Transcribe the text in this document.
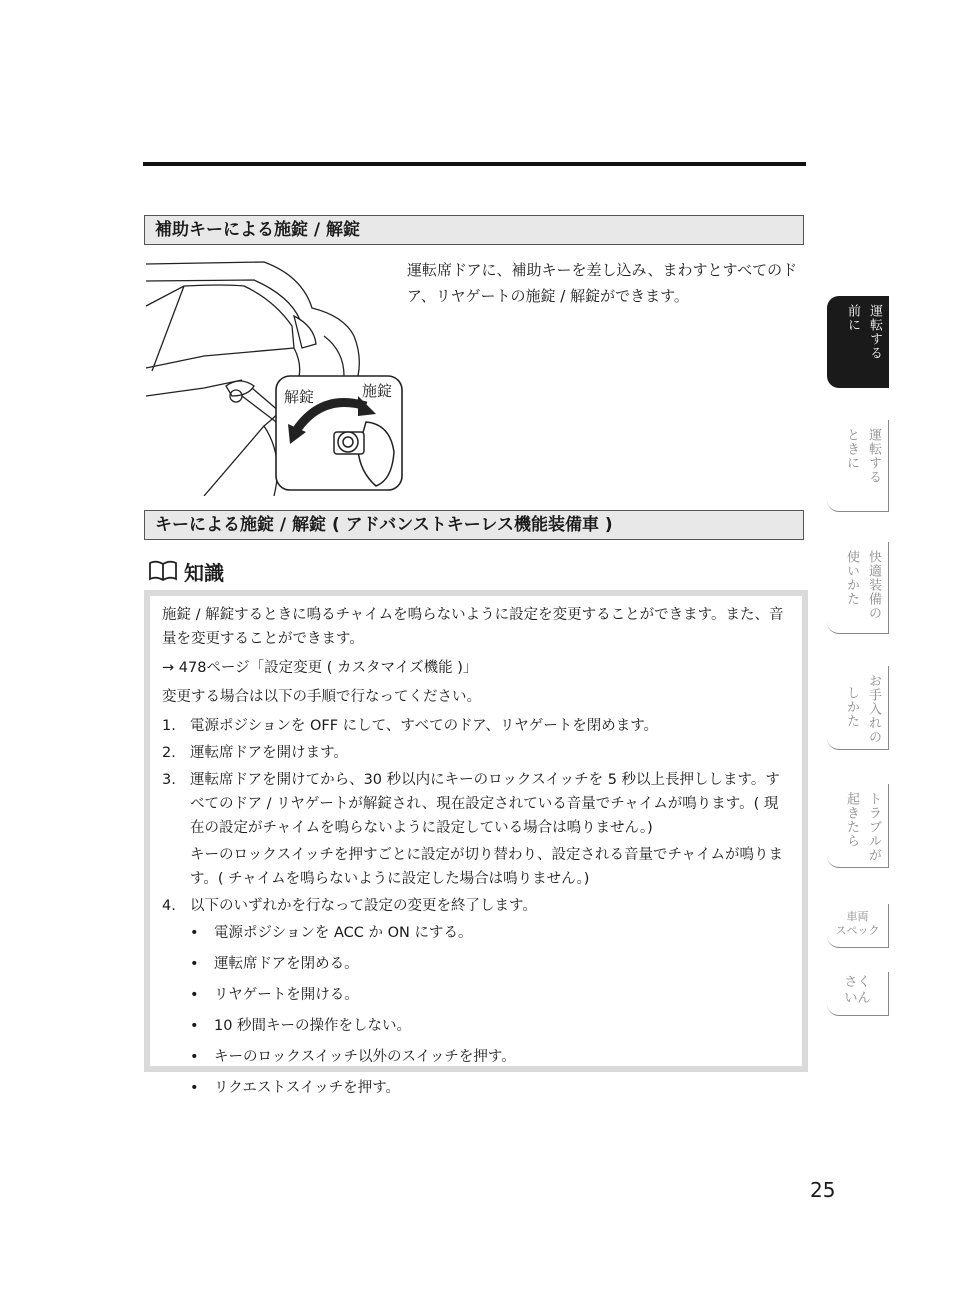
補助キーによる施錠 / 解錠
解錠	施錠
運転席ドアに、補助キーを差し込み、まわすとすべてのドア、リヤゲートの施錠 / 解錠ができます。
キーによる施錠 / 解錠 ( アドバンストキーレス機能装備車 )
知識

施錠 / 解錠するときに鳴るチャイムを鳴らないように設定を変更することができます。また、音量を変更することができます。

→ 478ページ「設定変更 ( カスタマイズ機能 )」

変更する場合は以下の手順で行なってください。

1. 電源ポジションを OFF にして、すべてのドア、リヤゲートを閉めます。
2. 運転席ドアを開けます。
3. 運転席ドアを開けてから、30 秒以内にキーのロックスイッチを 5 秒以上長押しします。すべてのドア / リヤゲートが解錠され、現在設定されている音量でチャイムが鳴ります。( 現在の設定がチャイムを鳴らないように設定している場合は鳴りません。)
キーのロックスイッチを押すごとに設定が切り替わり、設定される音量でチャイムが鳴ります。( チャイムを鳴らないように設定した場合は鳴りません。)
4. 以下のいずれかを行なって設定の変更を終了します。
• 電源ポジションを ACC か ON にする。
• 運転席ドアを閉める。
• リヤゲートを開ける。
• 10 秒間キーの操作をしない。
• キーのロックスイッチ以外のスイッチを押す。
• リクエストスイッチを押す。
運転する
前に
運転する
ときに
快適装備の
使いかた
お手入れの
しかた
トラブルが
起きたら
車両
スペック
さく
いん
25
